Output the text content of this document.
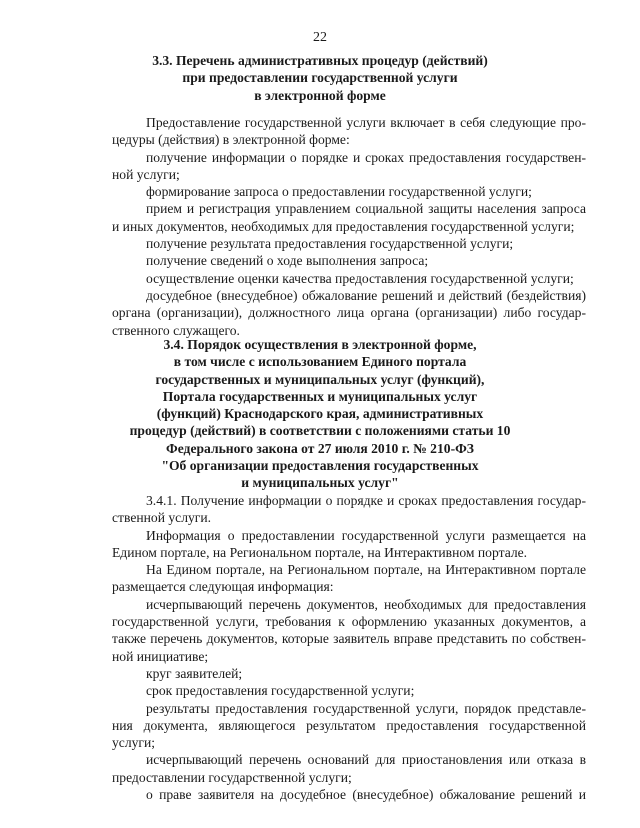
22
3.3. Перечень административных процедур (действий)
при предоставлении государственной услуги
в электронной форме
Предоставление государственной услуги включает в себя следующие про-
цедуры (действия) в электронной форме:
получение информации о порядке и сроках предоставления государствен-
ной услуги;
формирование запроса о предоставлении государственной услуги;
прием и регистрация управлением социальной защиты населения запроса
и иных документов, необходимых для предоставления государственной услуги;
получение результата предоставления государственной услуги;
получение сведений о ходе выполнения запроса;
осуществление оценки качества предоставления государственной услуги;
досудебное (внесудебное) обжалование решений и действий (бездействия)
органа (организации), должностного лица органа (организации) либо государ-
ственного служащего.
3.4. Порядок осуществления в электронной форме,
в том числе с использованием Единого портала
государственных и муниципальных услуг (функций),
Портала государственных и муниципальных услуг
(функций) Краснодарского края, административных
процедур (действий) в соответствии с положениями статьи 10
Федерального закона от 27 июля 2010 г. № 210-ФЗ
"Об организации предоставления государственных
и муниципальных услуг"
3.4.1. Получение информации о порядке и сроках предоставления государ-
ственной услуги.
Информация о предоставлении государственной услуги размещается на
Едином портале, на Региональном портале, на Интерактивном портале.
На Едином портале, на Региональном портале, на Интерактивном портале
размещается следующая информация:
исчерпывающий перечень документов, необходимых для предоставления
государственной услуги, требования к оформлению указанных документов, а
также перечень документов, которые заявитель вправе представить по собствен-
ной инициативе;
круг заявителей;
срок предоставления государственной услуги;
результаты предоставления государственной услуги, порядок представле-
ния документа, являющегося результатом предоставления государственной
услуги;
исчерпывающий перечень оснований для приостановления или отказа в
предоставлении государственной услуги;
о праве заявителя на досудебное (внесудебное) обжалование решений и
